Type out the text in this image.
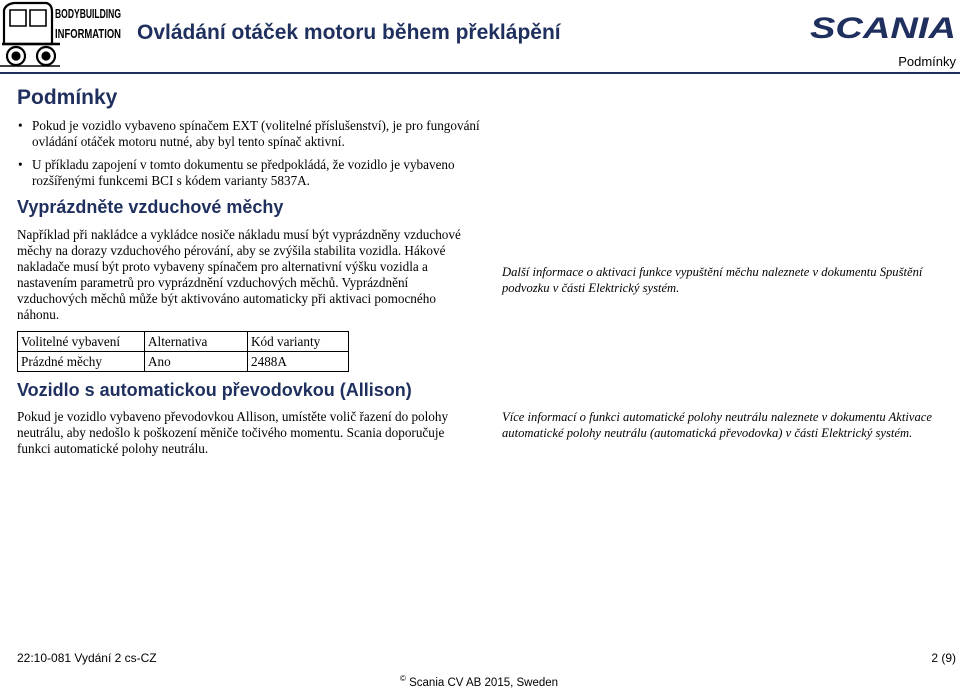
BODYBUILDING
INFORMATION Ovládání otáček motoru během překlápění	SCANIA
Podmínky
Podmínky
• Pokud je vozidlo vybaveno spínačem EXT (volitelné příslušenství), je pro fungování ovládání otáček motoru nutné, aby byl tento spínač aktivní.
• U příkladu zapojení v tomto dokumentu se předpokládá, že vozidlo je vybaveno rozšířenými funkcemi BCI s kódem varianty 5837A.
Vyprázdněte vzduchové měchy

Například při nakládce a vykládce nosiče nákladu musí být vyprázdněny vzduchové měchy na dorazy vzduchového pérování, aby se zvýšila stabilita vozidla. Hákové nakladače musí být proto vybaveny spínačem pro alternativní výšku vozidla a nastavením parametrů pro vyprázdnění vzduchových měchů. Vyprázdnění vzduchových měchů může být aktivováno automaticky při aktivaci pomocného náhonu.

Další informace o aktivaci funkce vypuštění měchu naleznete v dokumentu Spuštění podvozku v části Elektrický systém.

Volitelné vybavení	Alternativa	Kód varianty
Prázdné měchy	Ano	2488A
Vozidlo s automatickou převodovkou (Allison)

Pokud je vozidlo vybaveno převodovkou Allison, umístěte volič řazení do polohy neutrálu, aby nedošlo k poškození měniče točivého momentu. Scania doporučuje funkci automatické polohy neutrálu.

Více informací o funkci automatické polohy neutrálu naleznete v dokumentu Aktivace automatické polohy neutrálu (automatická převodovka) v části Elektrický systém.

22:10-081 Vydání 2 cs-CZ	2 (9)
© Scania CV AB 2015, Sweden
